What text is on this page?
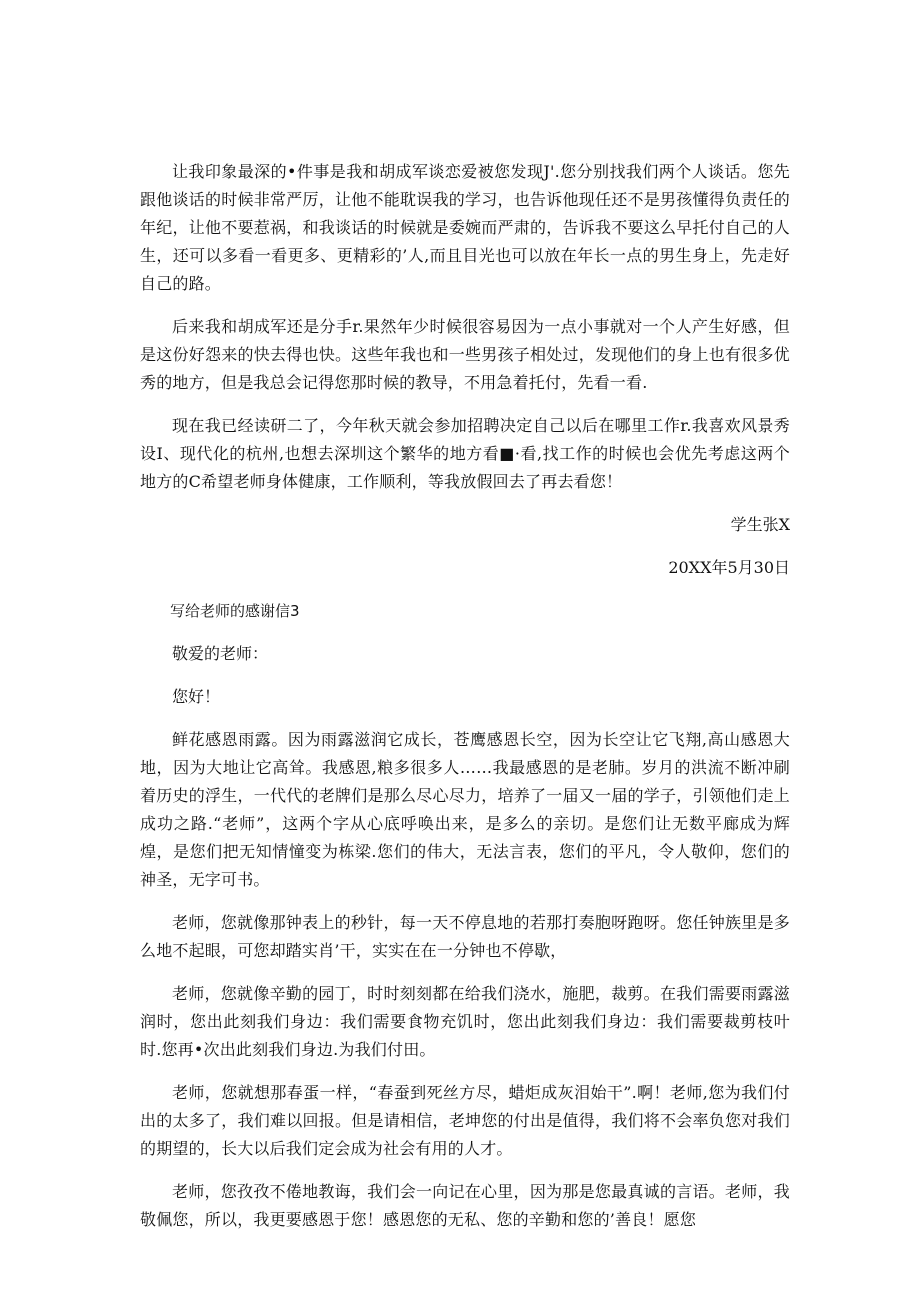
让我印象最深的•件事是我和胡成军谈恋爱被您发现J'.您分别找我们两个人谈话。您先跟他谈话的时候非常严厉，让他不能耽误我的学习，也告诉他现任还不是男孩懂得负责任的年纪，让他不要惹祸，和我谈话的时候就是委婉而严肃的，告诉我不要这么早托付自己的人生，还可以多看一看更多、更精彩的’人,而且目光也可以放在年长一点的男生身上，先走好自己的路。

后来我和胡成军还是分手r.果然年少时候很容易因为一点小事就对一个人产生好感，但是这份好怨来的快去得也快。这些年我也和一些男孩子相处过，发现他们的身上也有很多优秀的地方，但是我总会记得您那时候的教导，不用急着托付，先看一看.

现在我已经读研二了，今年秋天就会参加招聘决定自己以后在哪里工作r.我喜欢风景秀设I、现代化的杭州,也想去深圳这个繁华的地方看■·看,找工作的时候也会优先考虑这两个地方的C希望老师身体健康，工作顺利，等我放假回去了再去看您！

学生张X

20XX年5月30日

写给老师的感谢信3

敬爱的老师：

您好！

鲜花感恩雨露。因为雨露滋润它成长，苍鹰感恩长空，因为长空让它飞翔,高山感恩大地，因为大地让它高耸。我感恩,粮多很多人……我最感恩的是老肺。岁月的洪流不断冲刷着历史的浮生，一代代的老牌们是那么尽心尽力，培养了一届又一届的学子，引领他们走上成功之路.“老师”，这两个字从心底呼唤出来，是多么的亲切。是您们让无数平廊成为辉煌，是您们把无知情憧变为栋梁.您们的伟大，无法言表，您们的平凡，令人敬仰，您们的神圣，无字可书。

老师，您就像那钟表上的秒针，每一天不停息地的若那打奏胞呀跑呀。您任钟族里是多么地不起眼，可您却踏实肖’干，实实在在一分钟也不停歇，

老师，您就像辛勤的园丁，时时刻刻都在给我们浇水，施肥，裁剪。在我们需要雨露滋润时，您出此刻我们身边：我们需要食物充饥时，您出此刻我们身边：我们需要裁剪枝叶时.您再•次出此刻我们身边.为我们付田。

老师，您就想那春蛋一样，“春蚕到死丝方尽，蜡炬成灰泪始干”.啊！老师,您为我们付出的太多了，我们难以回报。但是请相信，老坤您的付出是值得，我们将不会率负您对我们的期望的，长大以后我们定会成为社会有用的人才。

老师，您孜孜不倦地教诲，我们会一向记在心里，因为那是您最真诚的言语。老师，我敬佩您，所以，我更要感恩于您！感恩您的无私、您的辛勤和您的’善良！愿您
